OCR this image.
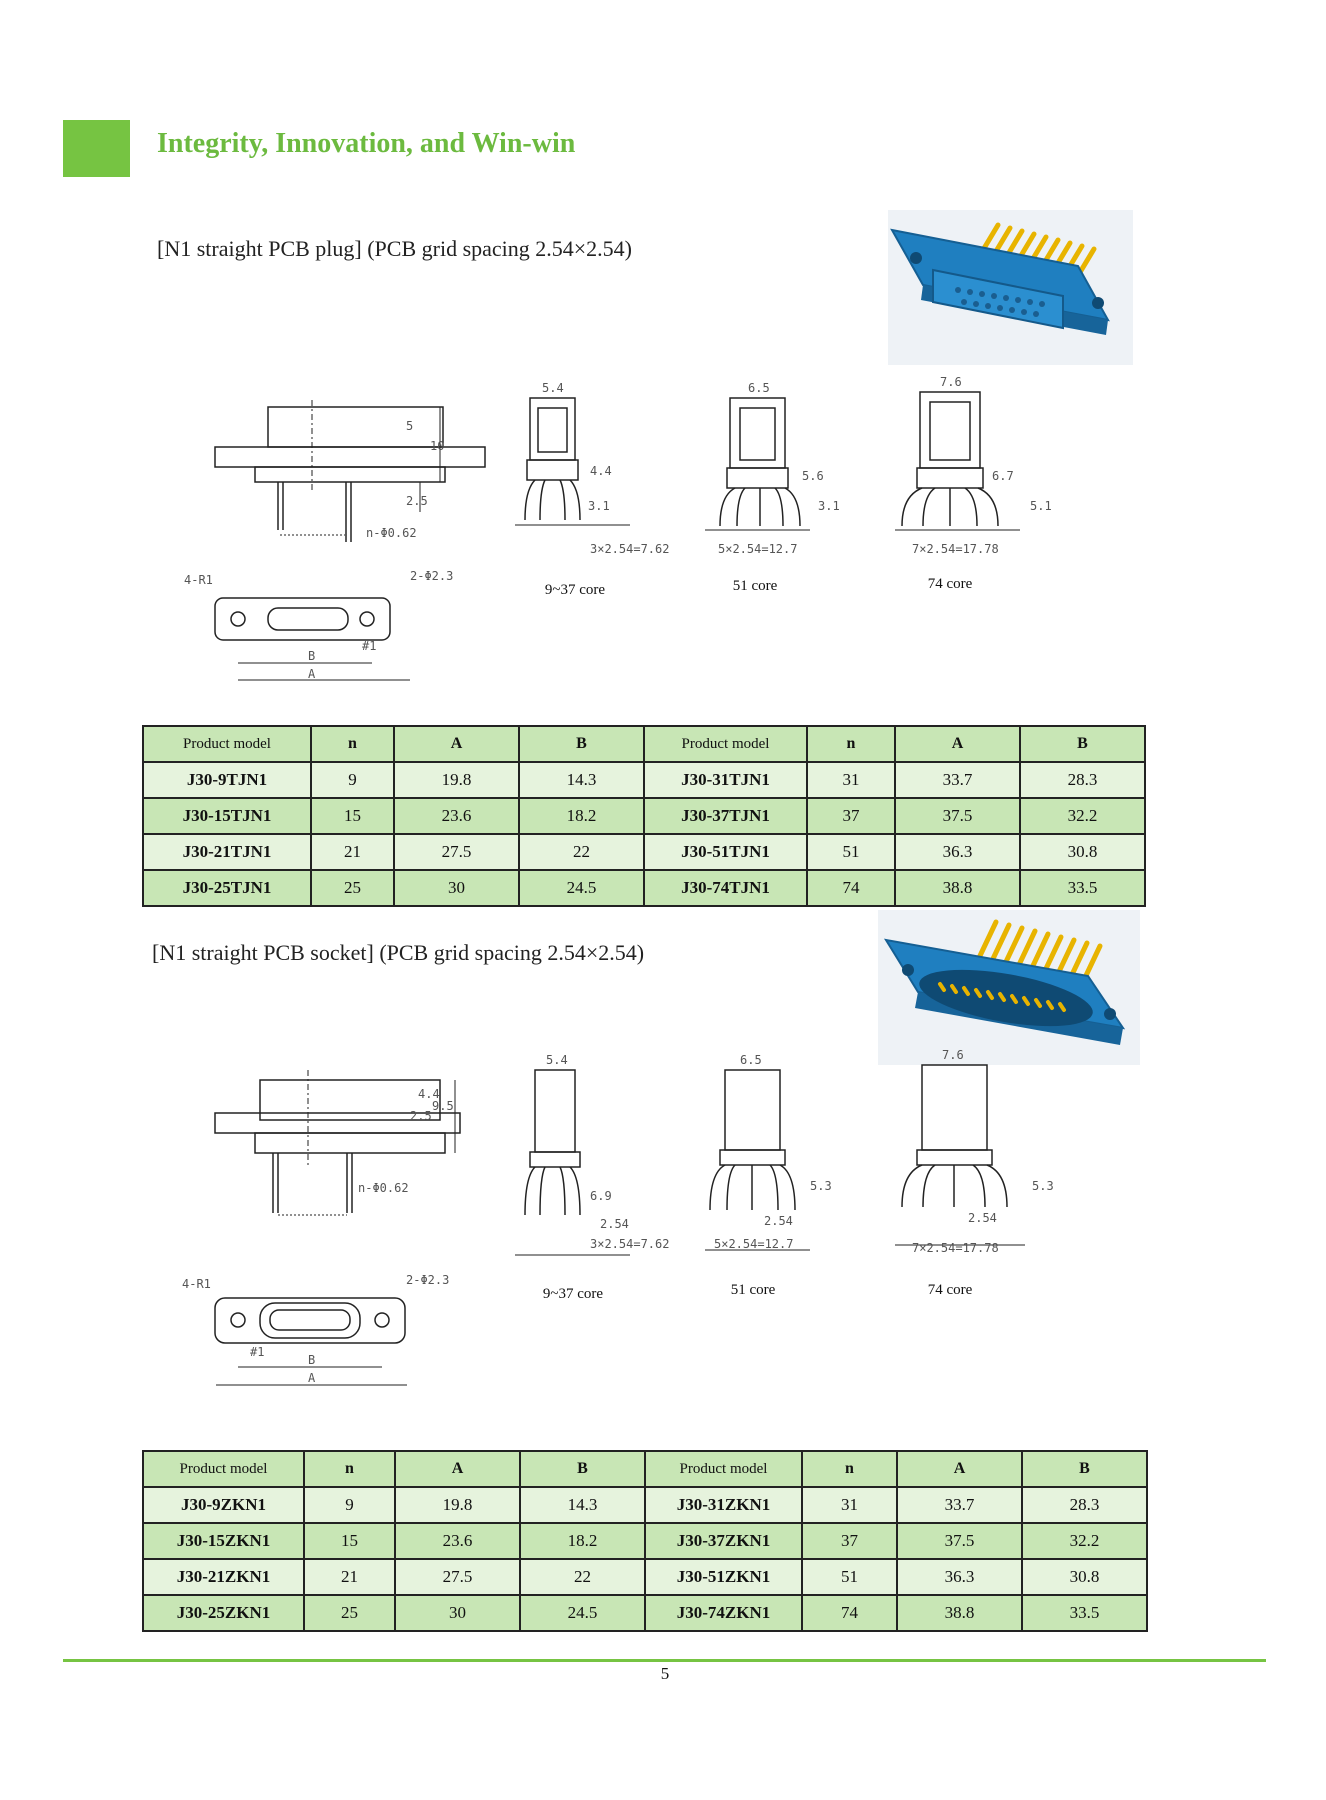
Integrity, Innovation, and Win-win
[N1 straight PCB plug] (PCB grid spacing 2.54×2.54)
5
10
2.5
n-Φ0.62
4-R1	2-Φ2.3
B
A
#1
5.4
4.4
3.1
3×2.54=7.62
6.5
5.6
3.1
5×2.54=12.7
7.6
6.7
5.1
7×2.54=17.78
9~37 core	51 core	74 core
Product model	n	A	B	Product model	n	A	B
J30-9TJN1	9	19.8	14.3	J30-31TJN1	31	33.7	28.3
J30-15TJN1	15	23.6	18.2	J30-37TJN1	37	37.5	32.2
J30-21TJN1	21	27.5	22	J30-51TJN1	51	36.3	30.8
J30-25TJN1	25	30	24.5	J30-74TJN1	74	38.8	33.5
[N1 straight PCB socket] (PCB grid spacing 2.54×2.54)
4.4
2.5
9.5
n-Φ0.62
4-R1	2-Φ2.3
B
A
#1
5.4
6.9
2.54
3×2.54=7.62
6.5
5.3
2.54
5×2.54=12.7
7.6
5.3
2.54
7×2.54=17.78
9~37 core	51 core	74 core
Product model	n	A	B	Product model	n	A	B
J30-9ZKN1	9	19.8	14.3	J30-31ZKN1	31	33.7	28.3
J30-15ZKN1	15	23.6	18.2	J30-37ZKN1	37	37.5	32.2
J30-21ZKN1	21	27.5	22	J30-51ZKN1	51	36.3	30.8
J30-25ZKN1	25	30	24.5	J30-74ZKN1	74	38.8	33.5
5
